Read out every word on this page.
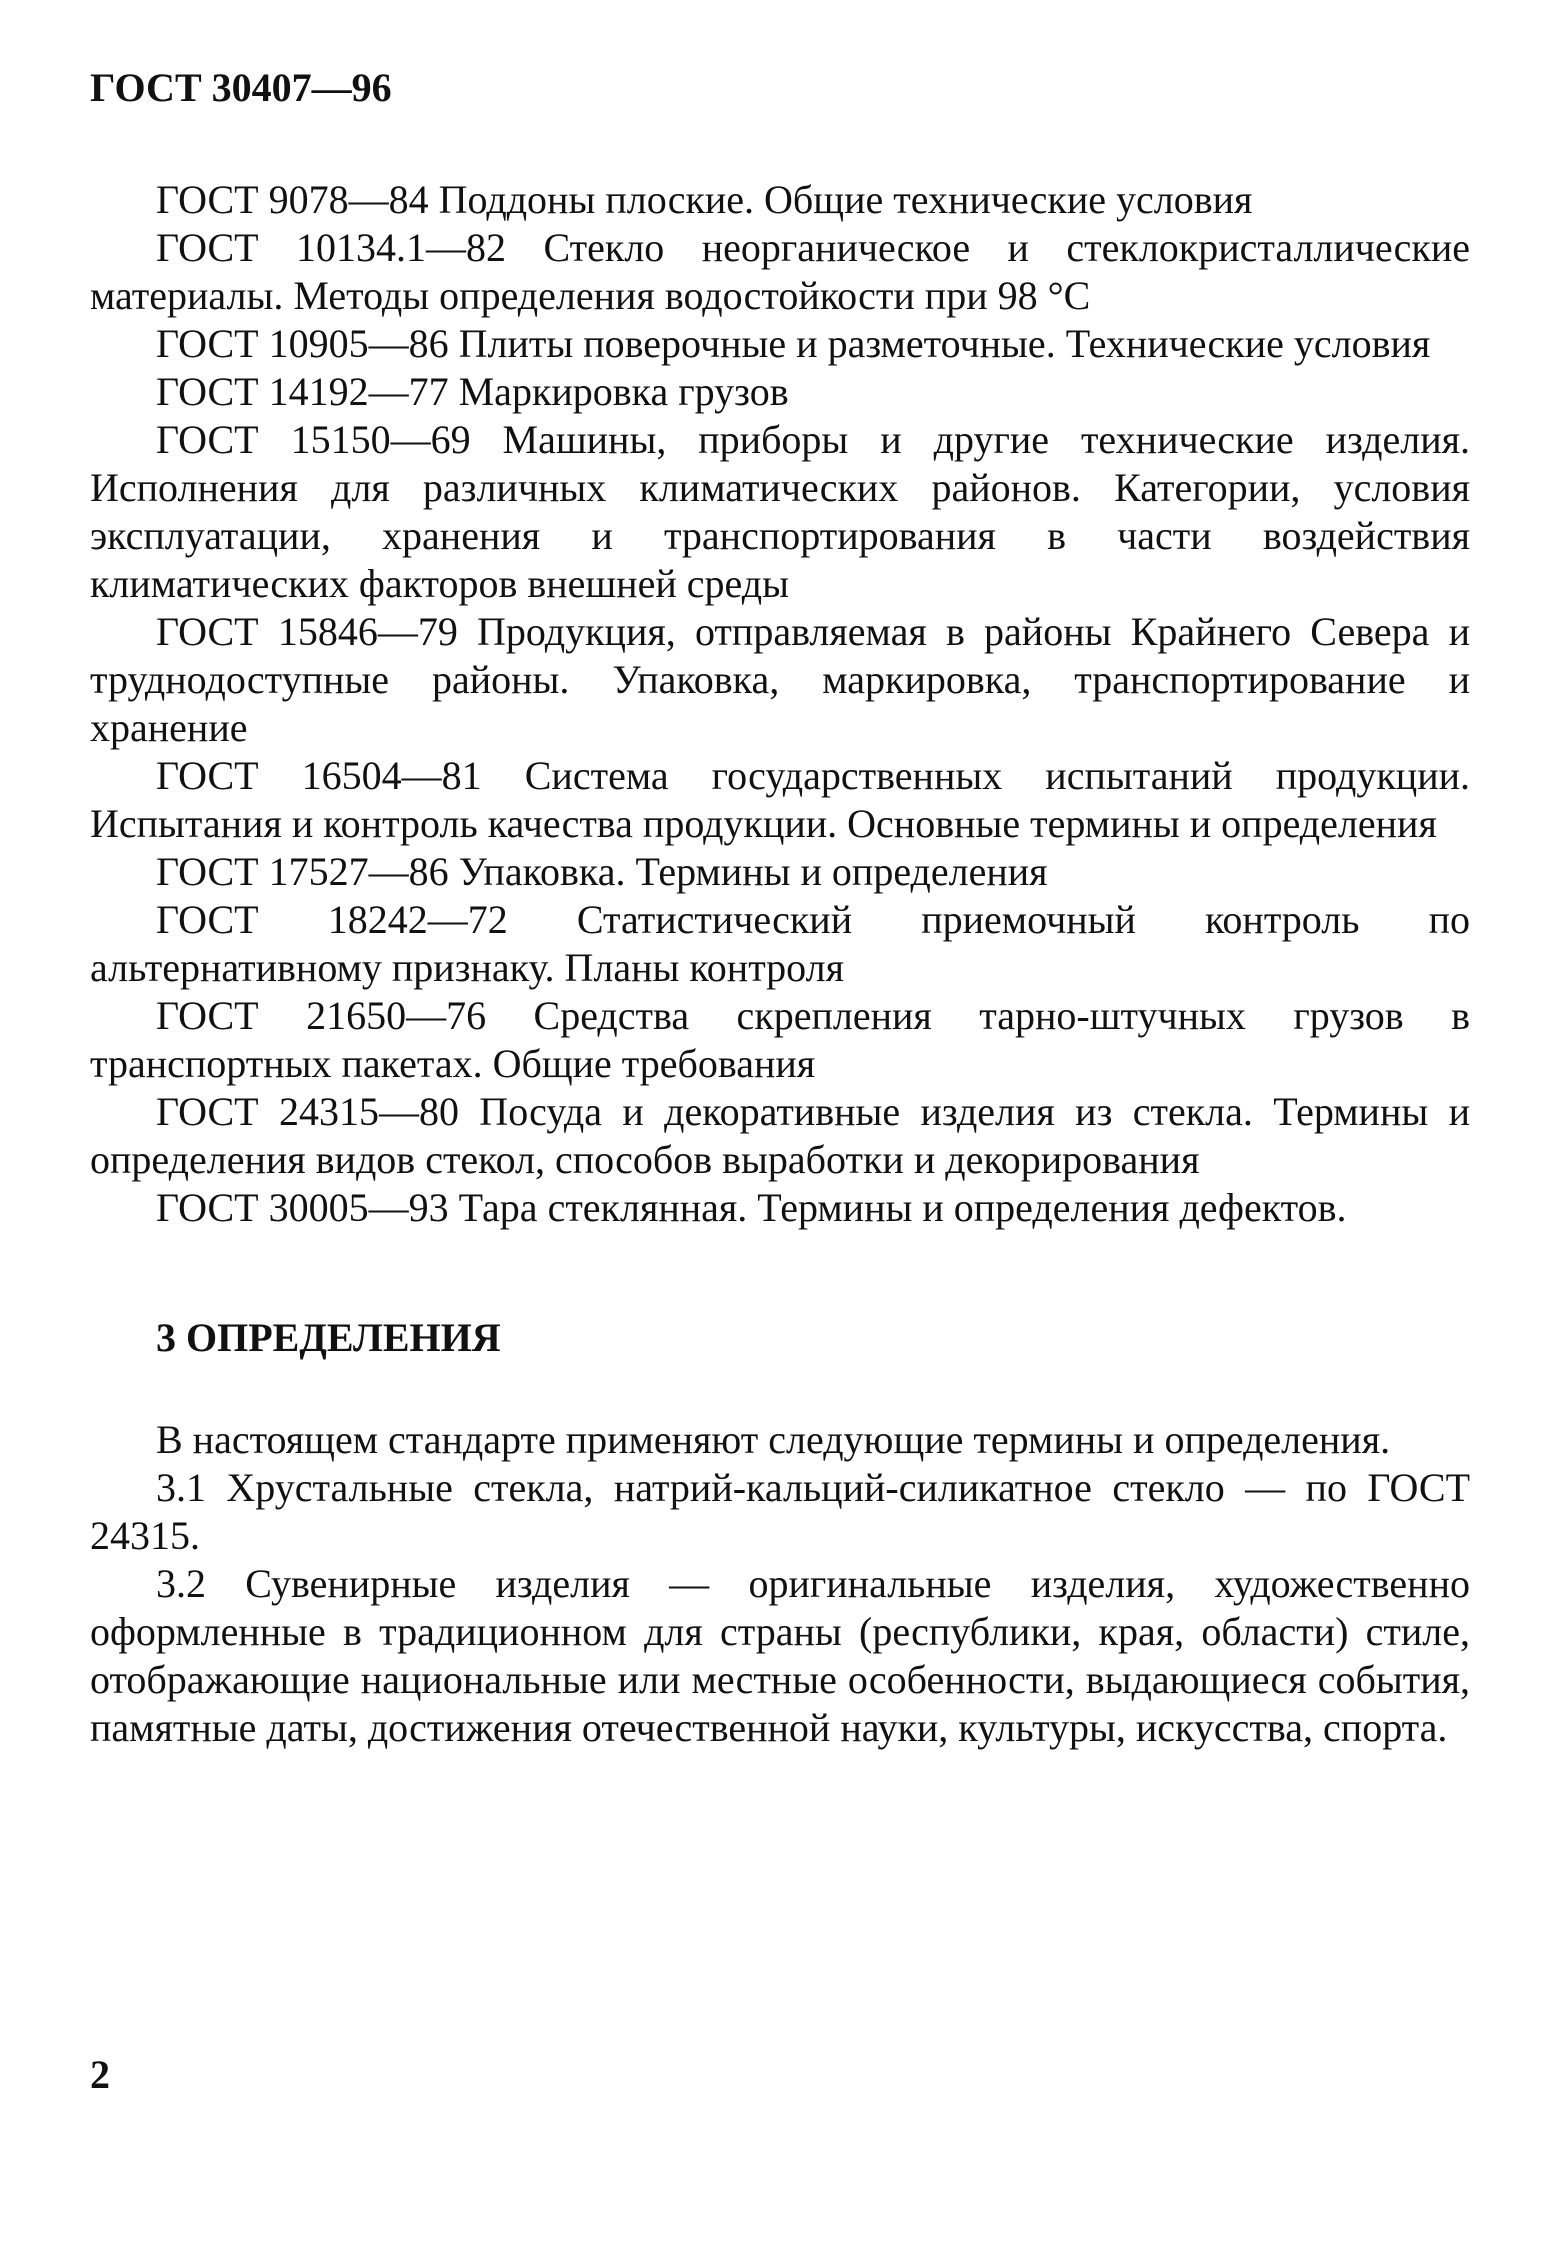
ГОСТ 30407—96

ГОСТ 9078—84 Поддоны плоские. Общие технические условия

ГОСТ 10134.1—82 Стекло неорганическое и стеклокристаллические материалы. Методы определения водостойкости при 98 °С

ГОСТ 10905—86 Плиты поверочные и разметочные. Технические условия

ГОСТ 14192—77 Маркировка грузов

ГОСТ 15150—69 Машины, приборы и другие технические изделия. Исполнения для различных климатических районов. Категории, условия эксплуатации, хранения и транспортирования в части воздействия климатических факторов внешней среды

ГОСТ 15846—79 Продукция, отправляемая в районы Крайнего Севера и труднодоступные районы. Упаковка, маркировка, транспортирование и хранение

ГОСТ 16504—81 Система государственных испытаний продукции. Испытания и контроль качества продукции. Основные термины и определения

ГОСТ 17527—86 Упаковка. Термины и определения

ГОСТ 18242—72 Статистический приемочный контроль по альтернативному признаку. Планы контроля

ГОСТ 21650—76 Средства скрепления тарно-штучных грузов в транспортных пакетах. Общие требования

ГОСТ 24315—80 Посуда и декоративные изделия из стекла. Термины и определения видов стекол, способов выработки и декорирования

ГОСТ 30005—93 Тара стеклянная. Термины и определения дефектов.

3 ОПРЕДЕЛЕНИЯ

В настоящем стандарте применяют следующие термины и определения.

3.1 Хрустальные стекла, натрий-кальций-силикатное стекло — по ГОСТ 24315.

3.2 Сувенирные изделия — оригинальные изделия, художественно оформленные в традиционном для страны (республики, края, области) стиле, отображающие национальные или местные особенности, выдающиеся события, памятные даты, достижения отечественной науки, культуры, искусства, спорта.

2
